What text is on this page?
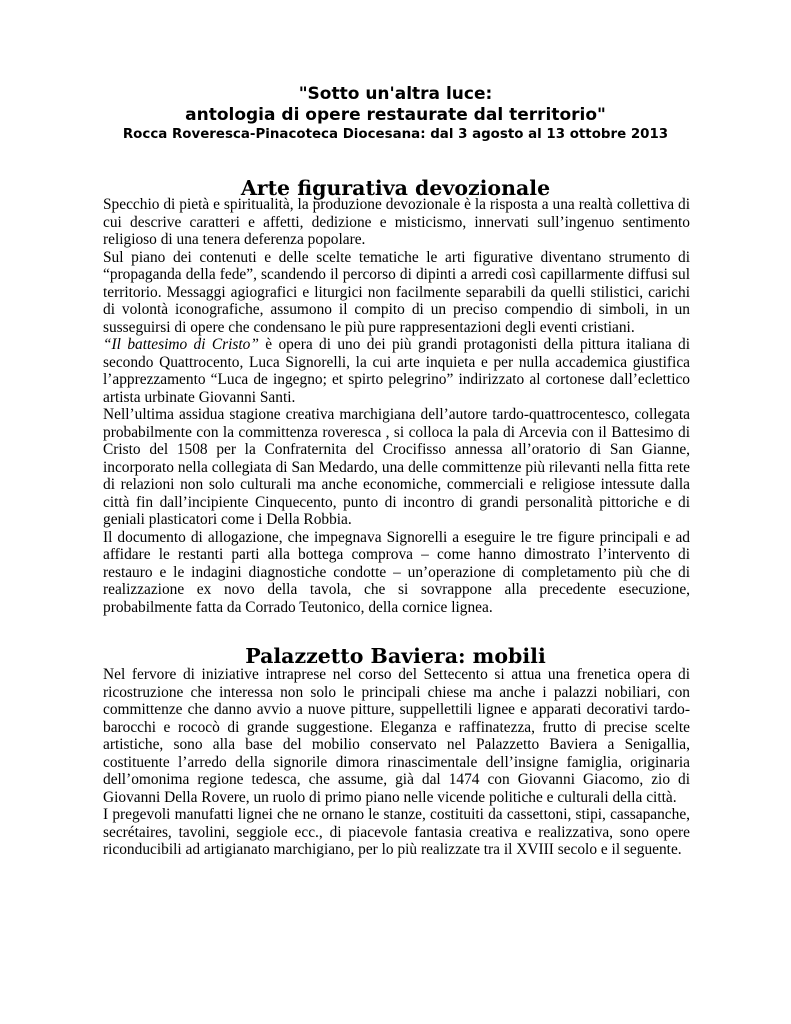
"Sotto un'altra luce:
antologia di opere restaurate dal territorio"
Rocca Roveresca-Pinacoteca Diocesana: dal 3 agosto al 13 ottobre 2013
Arte figurativa devozionale

Specchio di pietà e spiritualità, la produzione devozionale è la risposta a una realtà collettiva di cui descrive caratteri e affetti, dedizione e misticismo, innervati sull’ingenuo sentimento religioso di una tenera deferenza popolare.

Sul piano dei contenuti e delle scelte tematiche le arti figurative diventano strumento di “propaganda della fede”, scandendo il percorso di dipinti a arredi così capillarmente diffusi sul territorio. Messaggi agiografici e liturgici non facilmente separabili da quelli stilistici, carichi di volontà iconografiche, assumono il compito di un preciso compendio di simboli, in un susseguirsi di opere che condensano le più pure rappresentazioni degli eventi cristiani.

“Il battesimo di Cristo” è opera di uno dei più grandi protagonisti della pittura italiana di secondo Quattrocento, Luca Signorelli, la cui arte inquieta e per nulla accademica giustifica l’apprezzamento “Luca de ingegno; et spirto pelegrino” indirizzato al cortonese dall’eclettico artista urbinate Giovanni Santi.

Nell’ultima assidua stagione creativa marchigiana dell’autore tardo-quattrocentesco, collegata probabilmente con la committenza roveresca , si colloca la pala di Arcevia con il Battesimo di Cristo del 1508 per la Confraternita del Crocifisso annessa all’oratorio di San Gianne, incorporato nella collegiata di San Medardo, una delle committenze più rilevanti nella fitta rete di relazioni non solo culturali ma anche economiche, commerciali e religiose intessute dalla città fin dall’incipiente Cinquecento, punto di incontro di grandi personalità pittoriche e di geniali plasticatori come i Della Robbia.

Il documento di allogazione, che impegnava Signorelli a eseguire le tre figure principali e ad affidare le restanti parti alla bottega comprova – come hanno dimostrato l’intervento di restauro e le indagini diagnostiche condotte – un’operazione di completamento più che di realizzazione ex novo della tavola, che si sovrappone alla precedente esecuzione, probabilmente fatta da Corrado Teutonico, della cornice lignea.

Palazzetto Baviera: mobili

Nel fervore di iniziative intraprese nel corso del Settecento si attua una frenetica opera di ricostruzione che interessa non solo le principali chiese ma anche i palazzi nobiliari, con committenze che danno avvio a nuove pitture, suppellettili lignee e apparati decorativi tardo-barocchi e rococò di grande suggestione. Eleganza e raffinatezza, frutto di precise scelte artistiche, sono alla base del mobilio conservato nel Palazzetto Baviera a Senigallia, costituente l’arredo della signorile dimora rinascimentale dell’insigne famiglia, originaria dell’omonima regione tedesca, che assume, già dal 1474 con Giovanni Giacomo, zio di Giovanni Della Rovere, un ruolo di primo piano nelle vicende politiche e culturali della città.

I pregevoli manufatti lignei che ne ornano le stanze, costituiti da cassettoni, stipi, cassapanche, secrétaires, tavolini, seggiole ecc., di piacevole fantasia creativa e realizzativa, sono opere riconducibili ad artigianato marchigiano, per lo più realizzate tra il XVIII secolo e il seguente.
